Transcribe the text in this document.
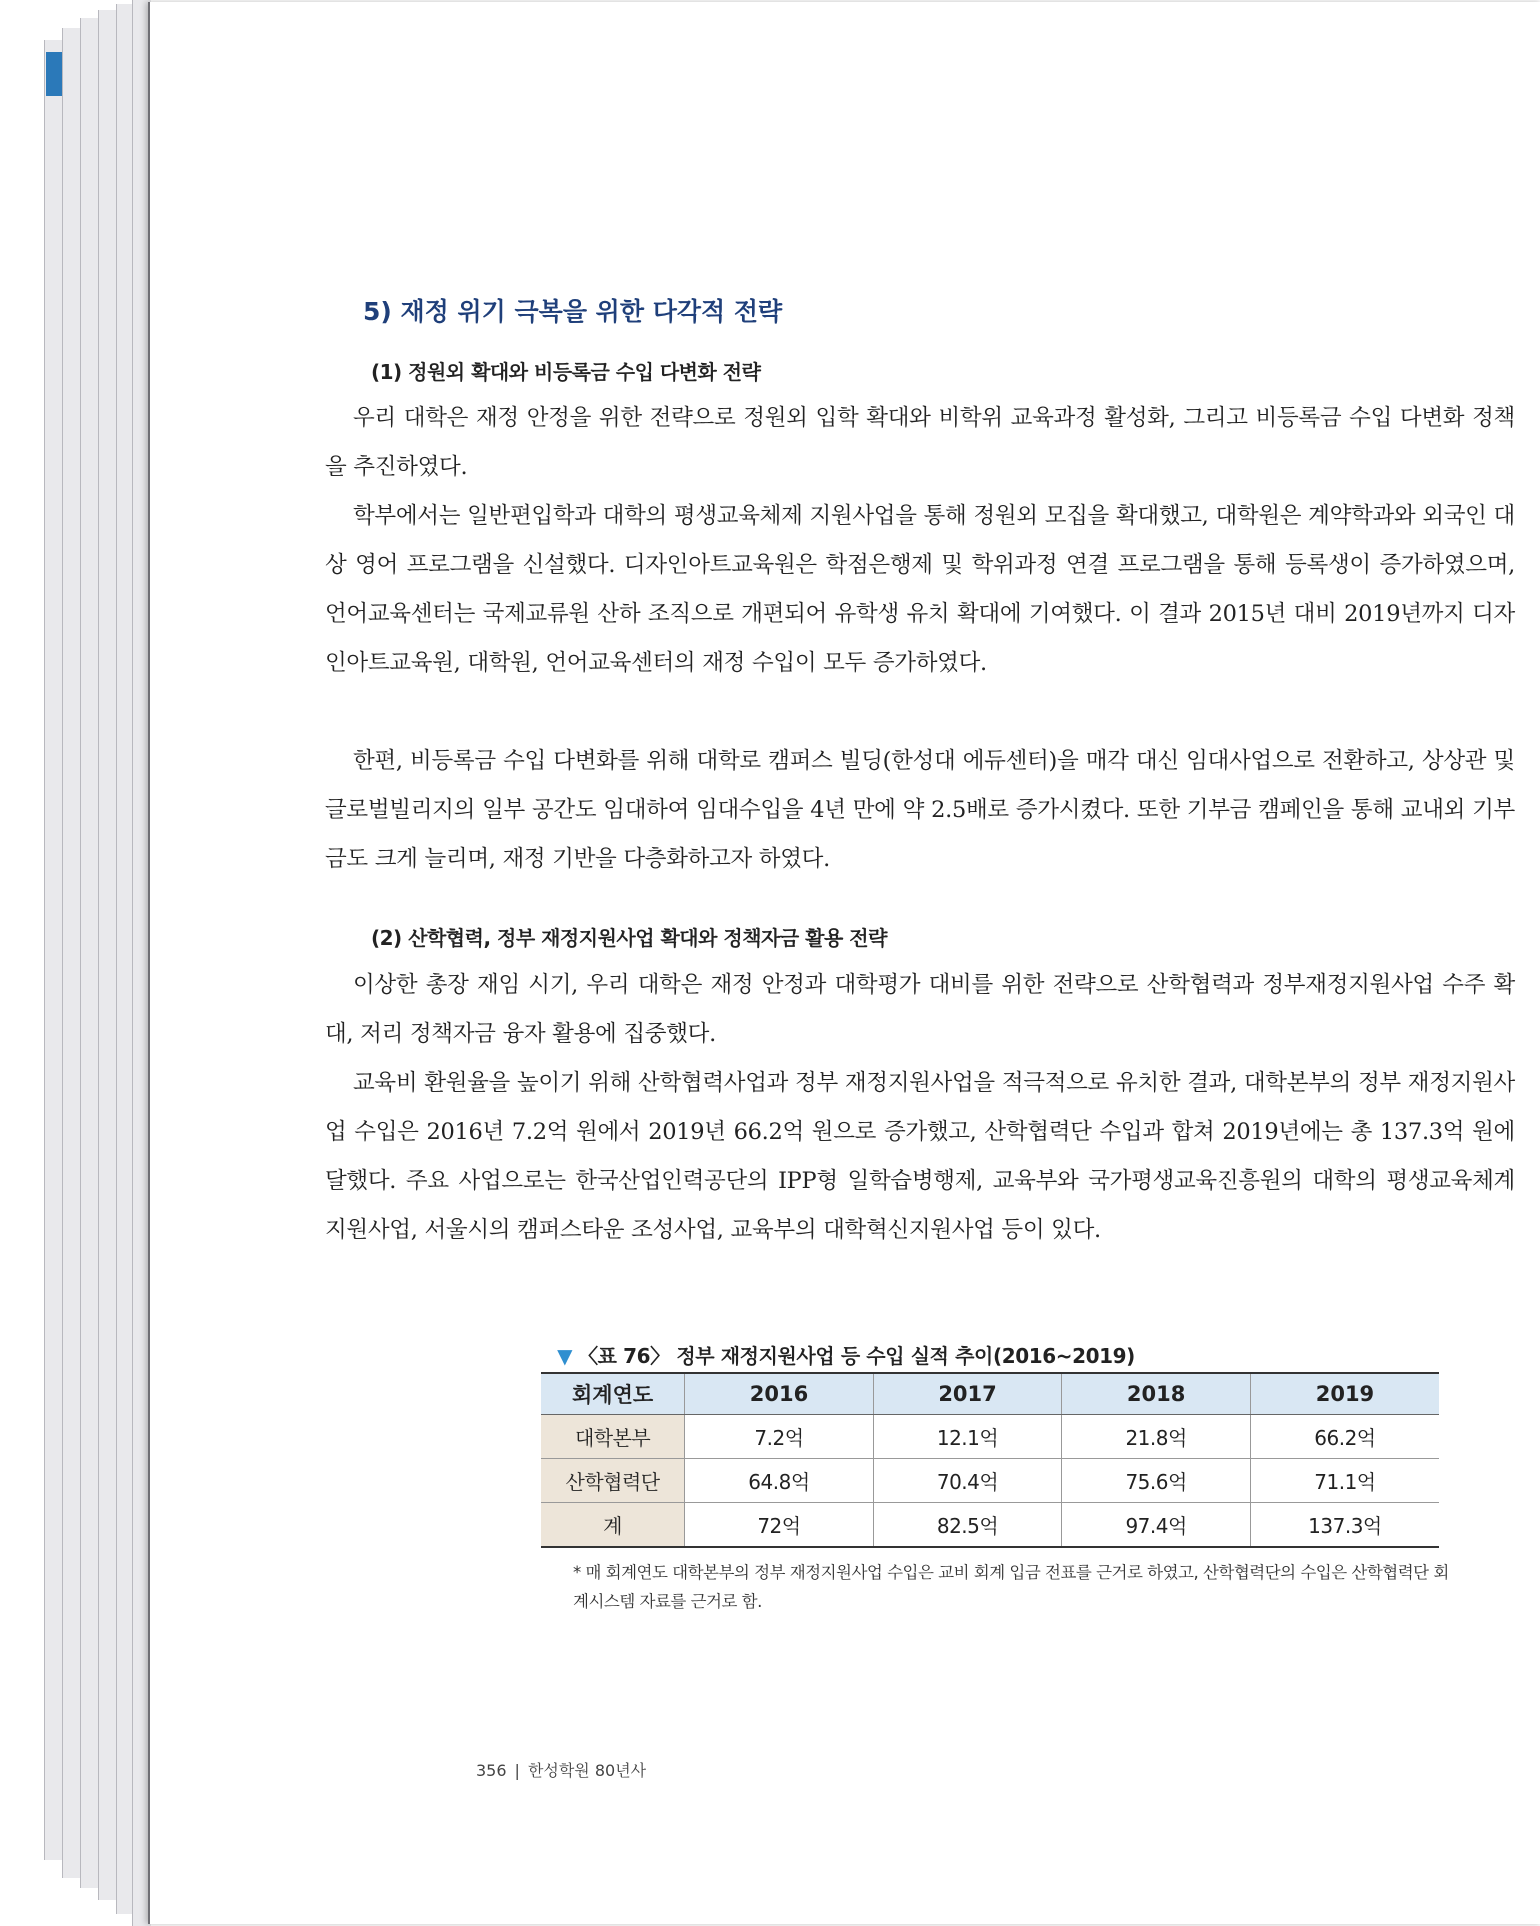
5) 재정 위기 극복을 위한 다각적 전략
(1) 정원외 확대와 비등록금 수입 다변화 전략

우리 대학은 재정 안정을 위한 전략으로 정원외 입학 확대와 비학위 교육과정 활성화, 그리고 비등록금 수입 다변화 정책을 추진하였다.

학부에서는 일반편입학과 대학의 평생교육체제 지원사업을 통해 정원외 모집을 확대했고, 대학원은 계약학과와 외국인 대상 영어 프로그램을 신설했다. 디자인아트교육원은 학점은행제 및 학위과정 연결 프로그램을 통해 등록생이 증가하였으며, 언어교육센터는 국제교류원 산하 조직으로 개편되어 유학생 유치 확대에 기여했다. 이 결과 2015년 대비 2019년까지 디자인아트교육원, 대학원, 언어교육센터의 재정 수입이 모두 증가하였다.

한편, 비등록금 수입 다변화를 위해 대학로 캠퍼스 빌딩(한성대 에듀센터)을 매각 대신 임대사업으로 전환하고, 상상관 및 글로벌빌리지의 일부 공간도 임대하여 임대수입을 4년 만에 약 2.5배로 증가시켰다. 또한 기부금 캠페인을 통해 교내외 기부금도 크게 늘리며, 재정 기반을 다층화하고자 하였다.

(2) 산학협력, 정부 재정지원사업 확대와 정책자금 활용 전략

이상한 총장 재임 시기, 우리 대학은 재정 안정과 대학평가 대비를 위한 전략으로 산학협력과 정부재정지원사업 수주 확대, 저리 정책자금 융자 활용에 집중했다.

교육비 환원율을 높이기 위해 산학협력사업과 정부 재정지원사업을 적극적으로 유치한 결과, 대학본부의 정부 재정지원사업 수입은 2016년 7.2억 원에서 2019년 66.2억 원으로 증가했고, 산학협력단 수입과 합쳐 2019년에는 총 137.3억 원에 달했다. 주요 사업으로는 한국산업인력공단의 IPP형 일학습병행제, 교육부와 국가평생교육진흥원의 대학의 평생교육체계 지원사업, 서울시의 캠퍼스타운 조성사업, 교육부의 대학혁신지원사업 등이 있다.

▼ 〈표 76〉 정부 재정지원사업 등 수입 실적 추이(2016~2019)
회계연도	2016	2017	2018	2019
대학본부	7.2억	12.1억	21.8억	66.2억
산학협력단	64.8억	70.4억	75.6억	71.1억
계	72억	82.5억	97.4억	137.3억
* 매 회계연도 대학본부의 정부 재정지원사업 수입은 교비 회계 입금 전표를 근거로 하였고, 산학협력단의 수입은 산학협력단 회계시스템 자료를 근거로 함.
356 | 한성학원 80년사
